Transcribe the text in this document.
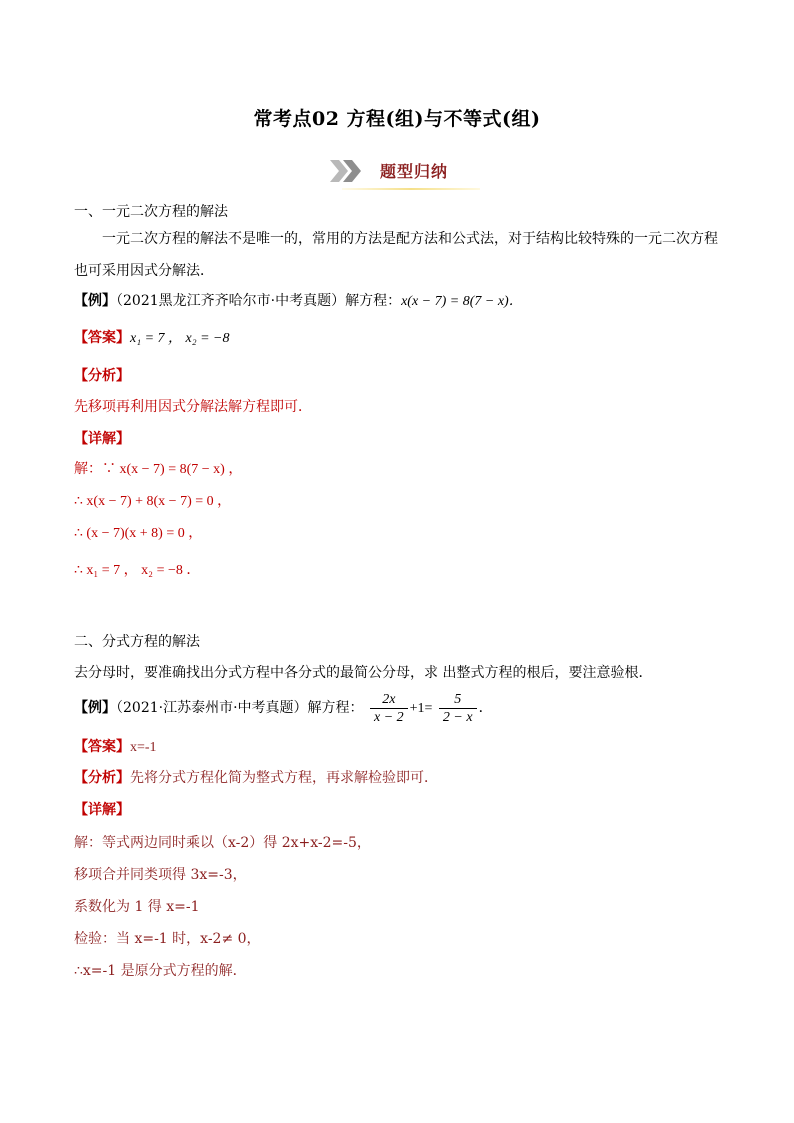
常考点02 方程(组)与不等式(组)
题型归纳
一、一元二次方程的解法
一元二次方程的解法不是唯一的，常用的方法是配方法和公式法，对于结构比较特殊的一元二次方程
也可采用因式分解法．
【例】（2021黑龙江齐齐哈尔市·中考真题）解方程：x(x − 7) = 8(7 − x)．
【答案】x₁ = 7 ， x₂ = −8
【分析】
先移项再利用因式分解法解方程即可．
【详解】
解：∵ x(x − 7) = 8(7 − x) ，
∴ x(x − 7) + 8(x − 7) = 0 ，
∴ (x − 7)(x + 8) = 0 ，
∴ x₁ = 7 ， x₂ = −8 ．
二、分式方程的解法
去分母时，要准确找出分式方程中各分式的最简公分母，求 出整式方程的根后，要注意验根．
【例】（2021·江苏泰州市·中考真题）解方程： $\frac{2x}{x - 2} +1= \frac{5}{2 - x}$ ．
【答案】x=-1
【分析】先将分式方程化简为整式方程，再求解检验即可．
【详解】
解：等式两边同时乘以（x-2）得 2x+x-2=-5，
移项合并同类项得 3x=-3，
系数化为 1 得 x=-1
检验：当 x=-1 时，x-2≠ 0，
∴x=-1 是原分式方程的解．
